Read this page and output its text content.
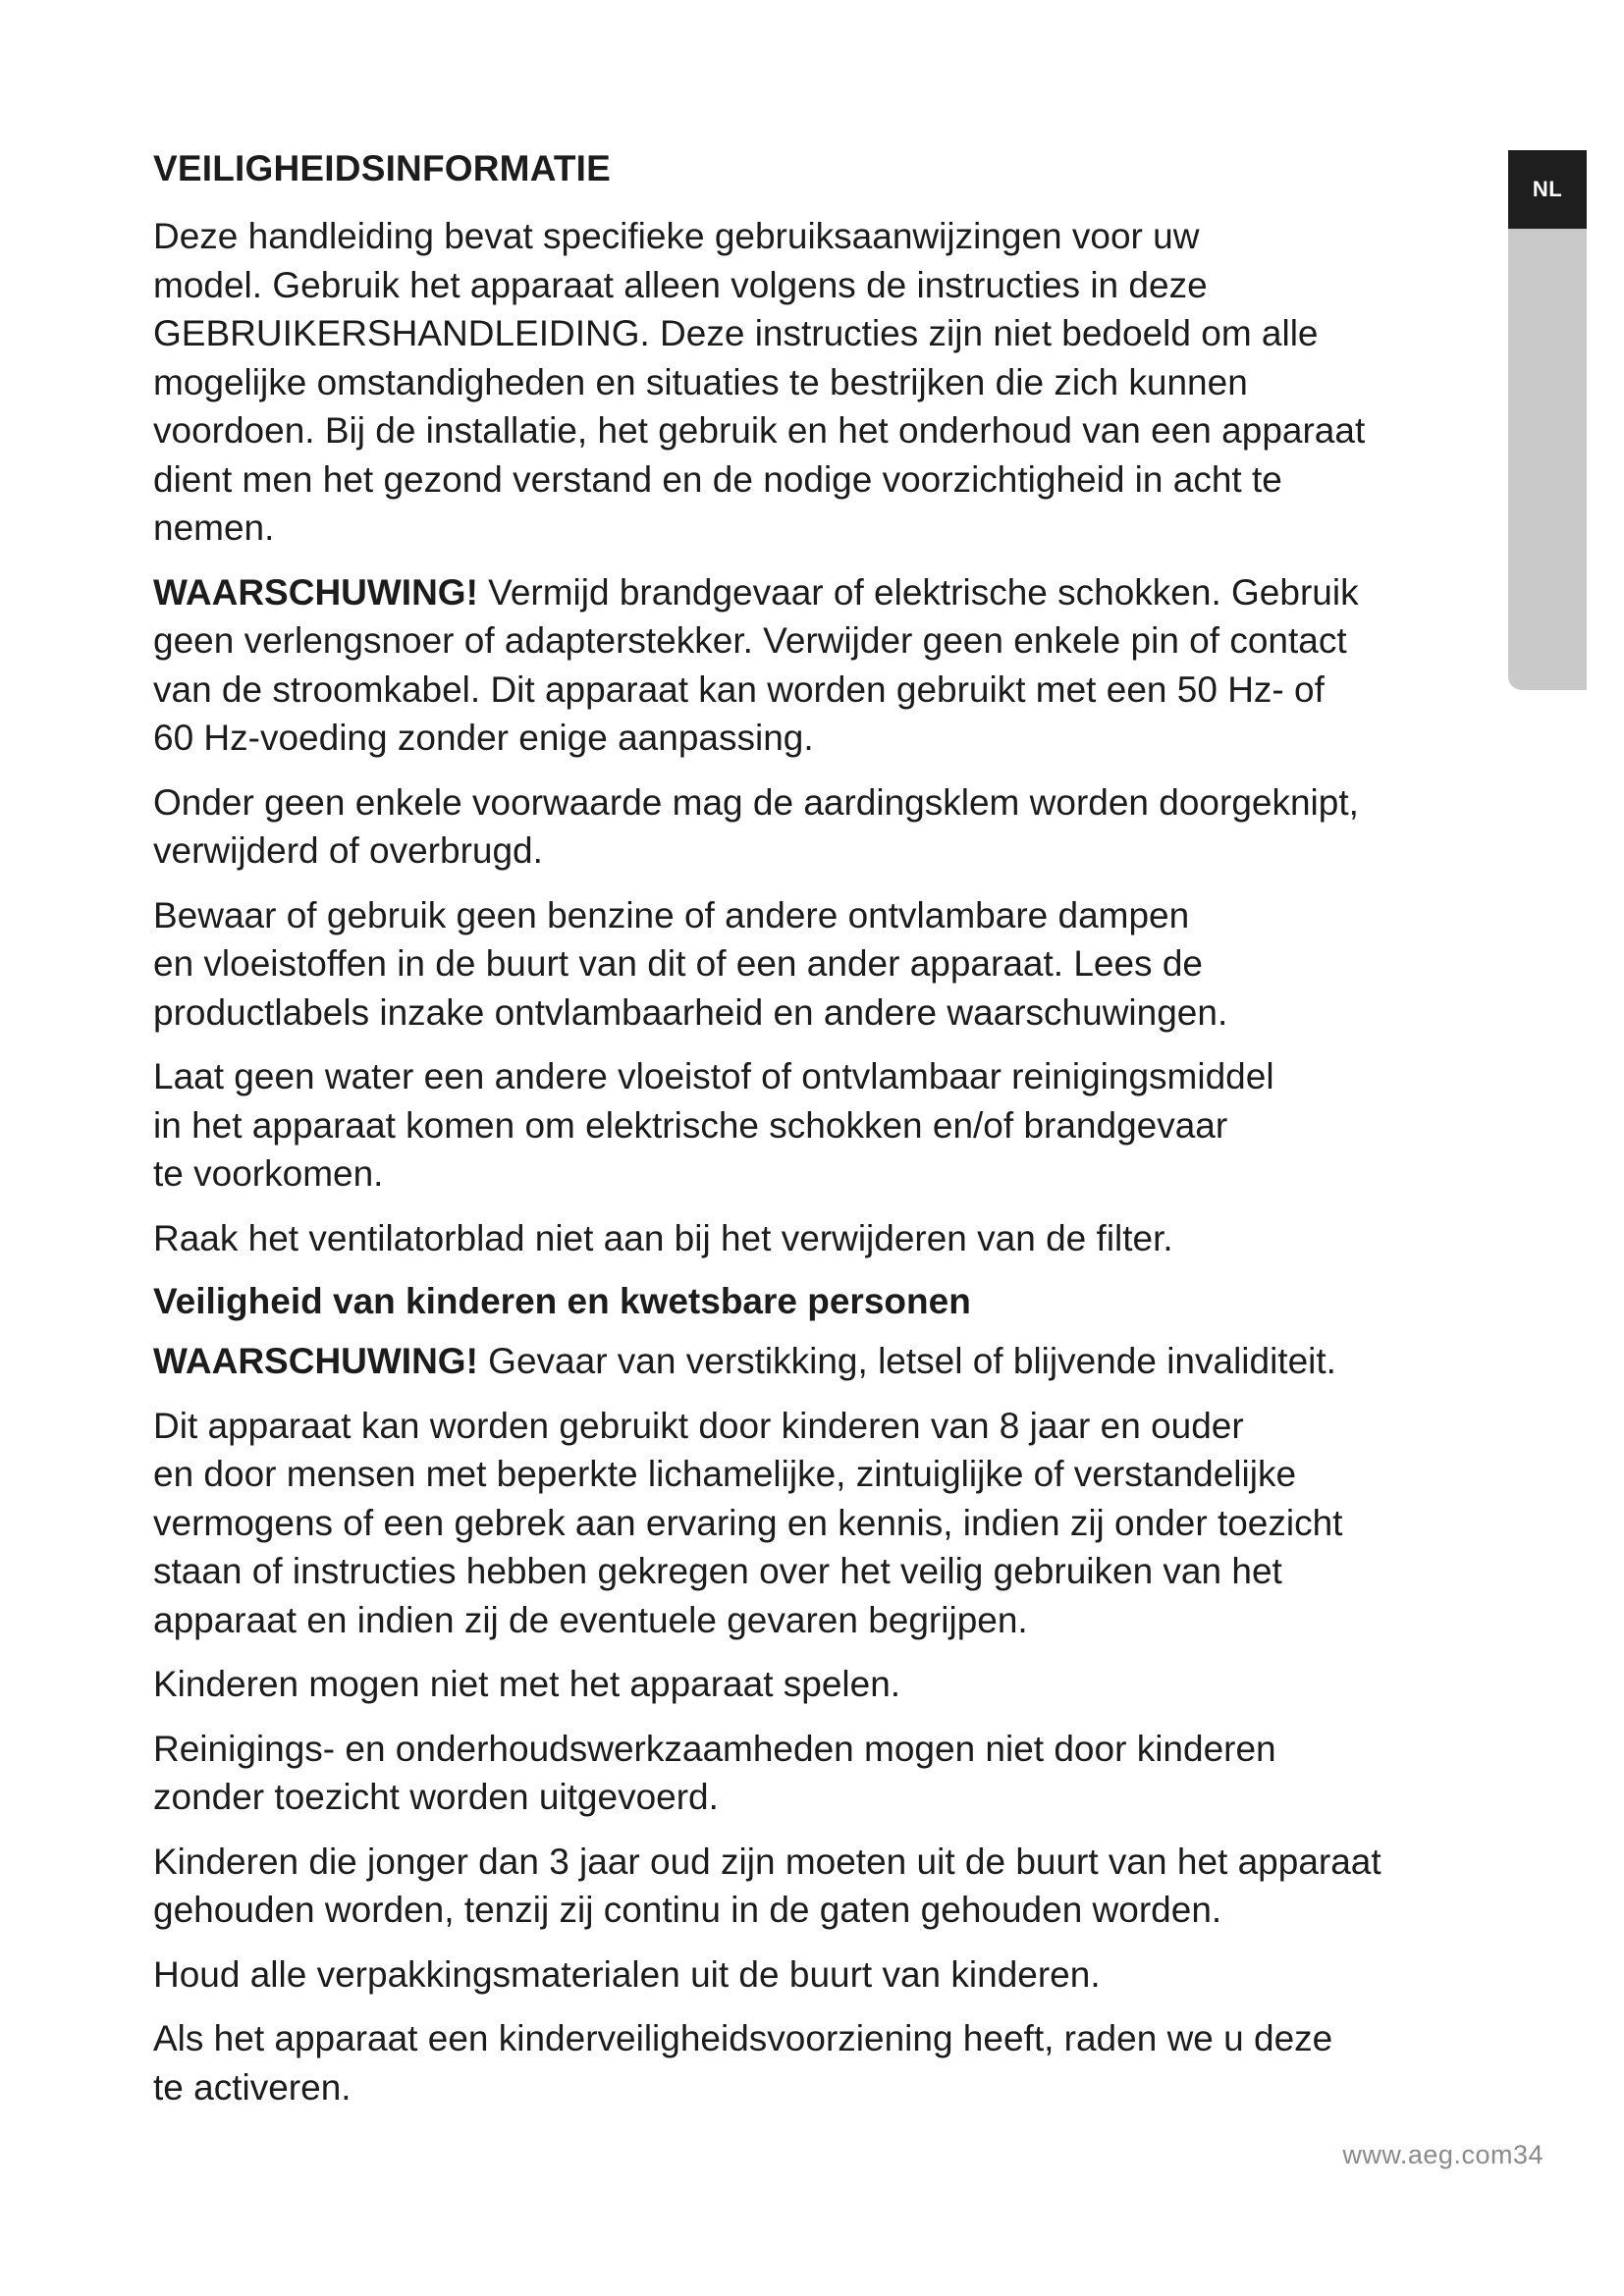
NL
VEILIGHEIDSINFORMATIE
Deze handleiding bevat specifieke gebruiksaanwijzingen voor uw
model. Gebruik het apparaat alleen volgens de instructies in deze
GEBRUIKERSHANDLEIDING. Deze instructies zijn niet bedoeld om alle
mogelijke omstandigheden en situaties te bestrijken die zich kunnen
voordoen. Bij de installatie, het gebruik en het onderhoud van een apparaat
dient men het gezond verstand en de nodige voorzichtigheid in acht te
nemen.
WAARSCHUWING! Vermijd brandgevaar of elektrische schokken. Gebruik
geen verlengsnoer of adapterstekker. Verwijder geen enkele pin of contact
van de stroomkabel. Dit apparaat kan worden gebruikt met een 50 Hz- of
60 Hz-voeding zonder enige aanpassing.
Onder geen enkele voorwaarde mag de aardingsklem worden doorgeknipt,
verwijderd of overbrugd.
Bewaar of gebruik geen benzine of andere ontvlambare dampen
en vloeistoffen in de buurt van dit of een ander apparaat. Lees de
productlabels inzake ontvlambaarheid en andere waarschuwingen.
Laat geen water een andere vloeistof of ontvlambaar reinigingsmiddel
in het apparaat komen om elektrische schokken en/of brandgevaar
te voorkomen.
Raak het ventilatorblad niet aan bij het verwijderen van de filter.
Veiligheid van kinderen en kwetsbare personen
WAARSCHUWING! Gevaar van verstikking, letsel of blijvende invaliditeit.
Dit apparaat kan worden gebruikt door kinderen van 8 jaar en ouder
en door mensen met beperkte lichamelijke, zintuiglijke of verstandelijke
vermogens of een gebrek aan ervaring en kennis, indien zij onder toezicht
staan of instructies hebben gekregen over het veilig gebruiken van het
apparaat en indien zij de eventuele gevaren begrijpen.
Kinderen mogen niet met het apparaat spelen.
Reinigings- en onderhoudswerkzaamheden mogen niet door kinderen
zonder toezicht worden uitgevoerd.
Kinderen die jonger dan 3 jaar oud zijn moeten uit de buurt van het apparaat
gehouden worden, tenzij zij continu in de gaten gehouden worden.
Houd alle verpakkingsmaterialen uit de buurt van kinderen.
Als het apparaat een kinderveiligheidsvoorziening heeft, raden we u deze
te activeren.
www.aeg.com34
